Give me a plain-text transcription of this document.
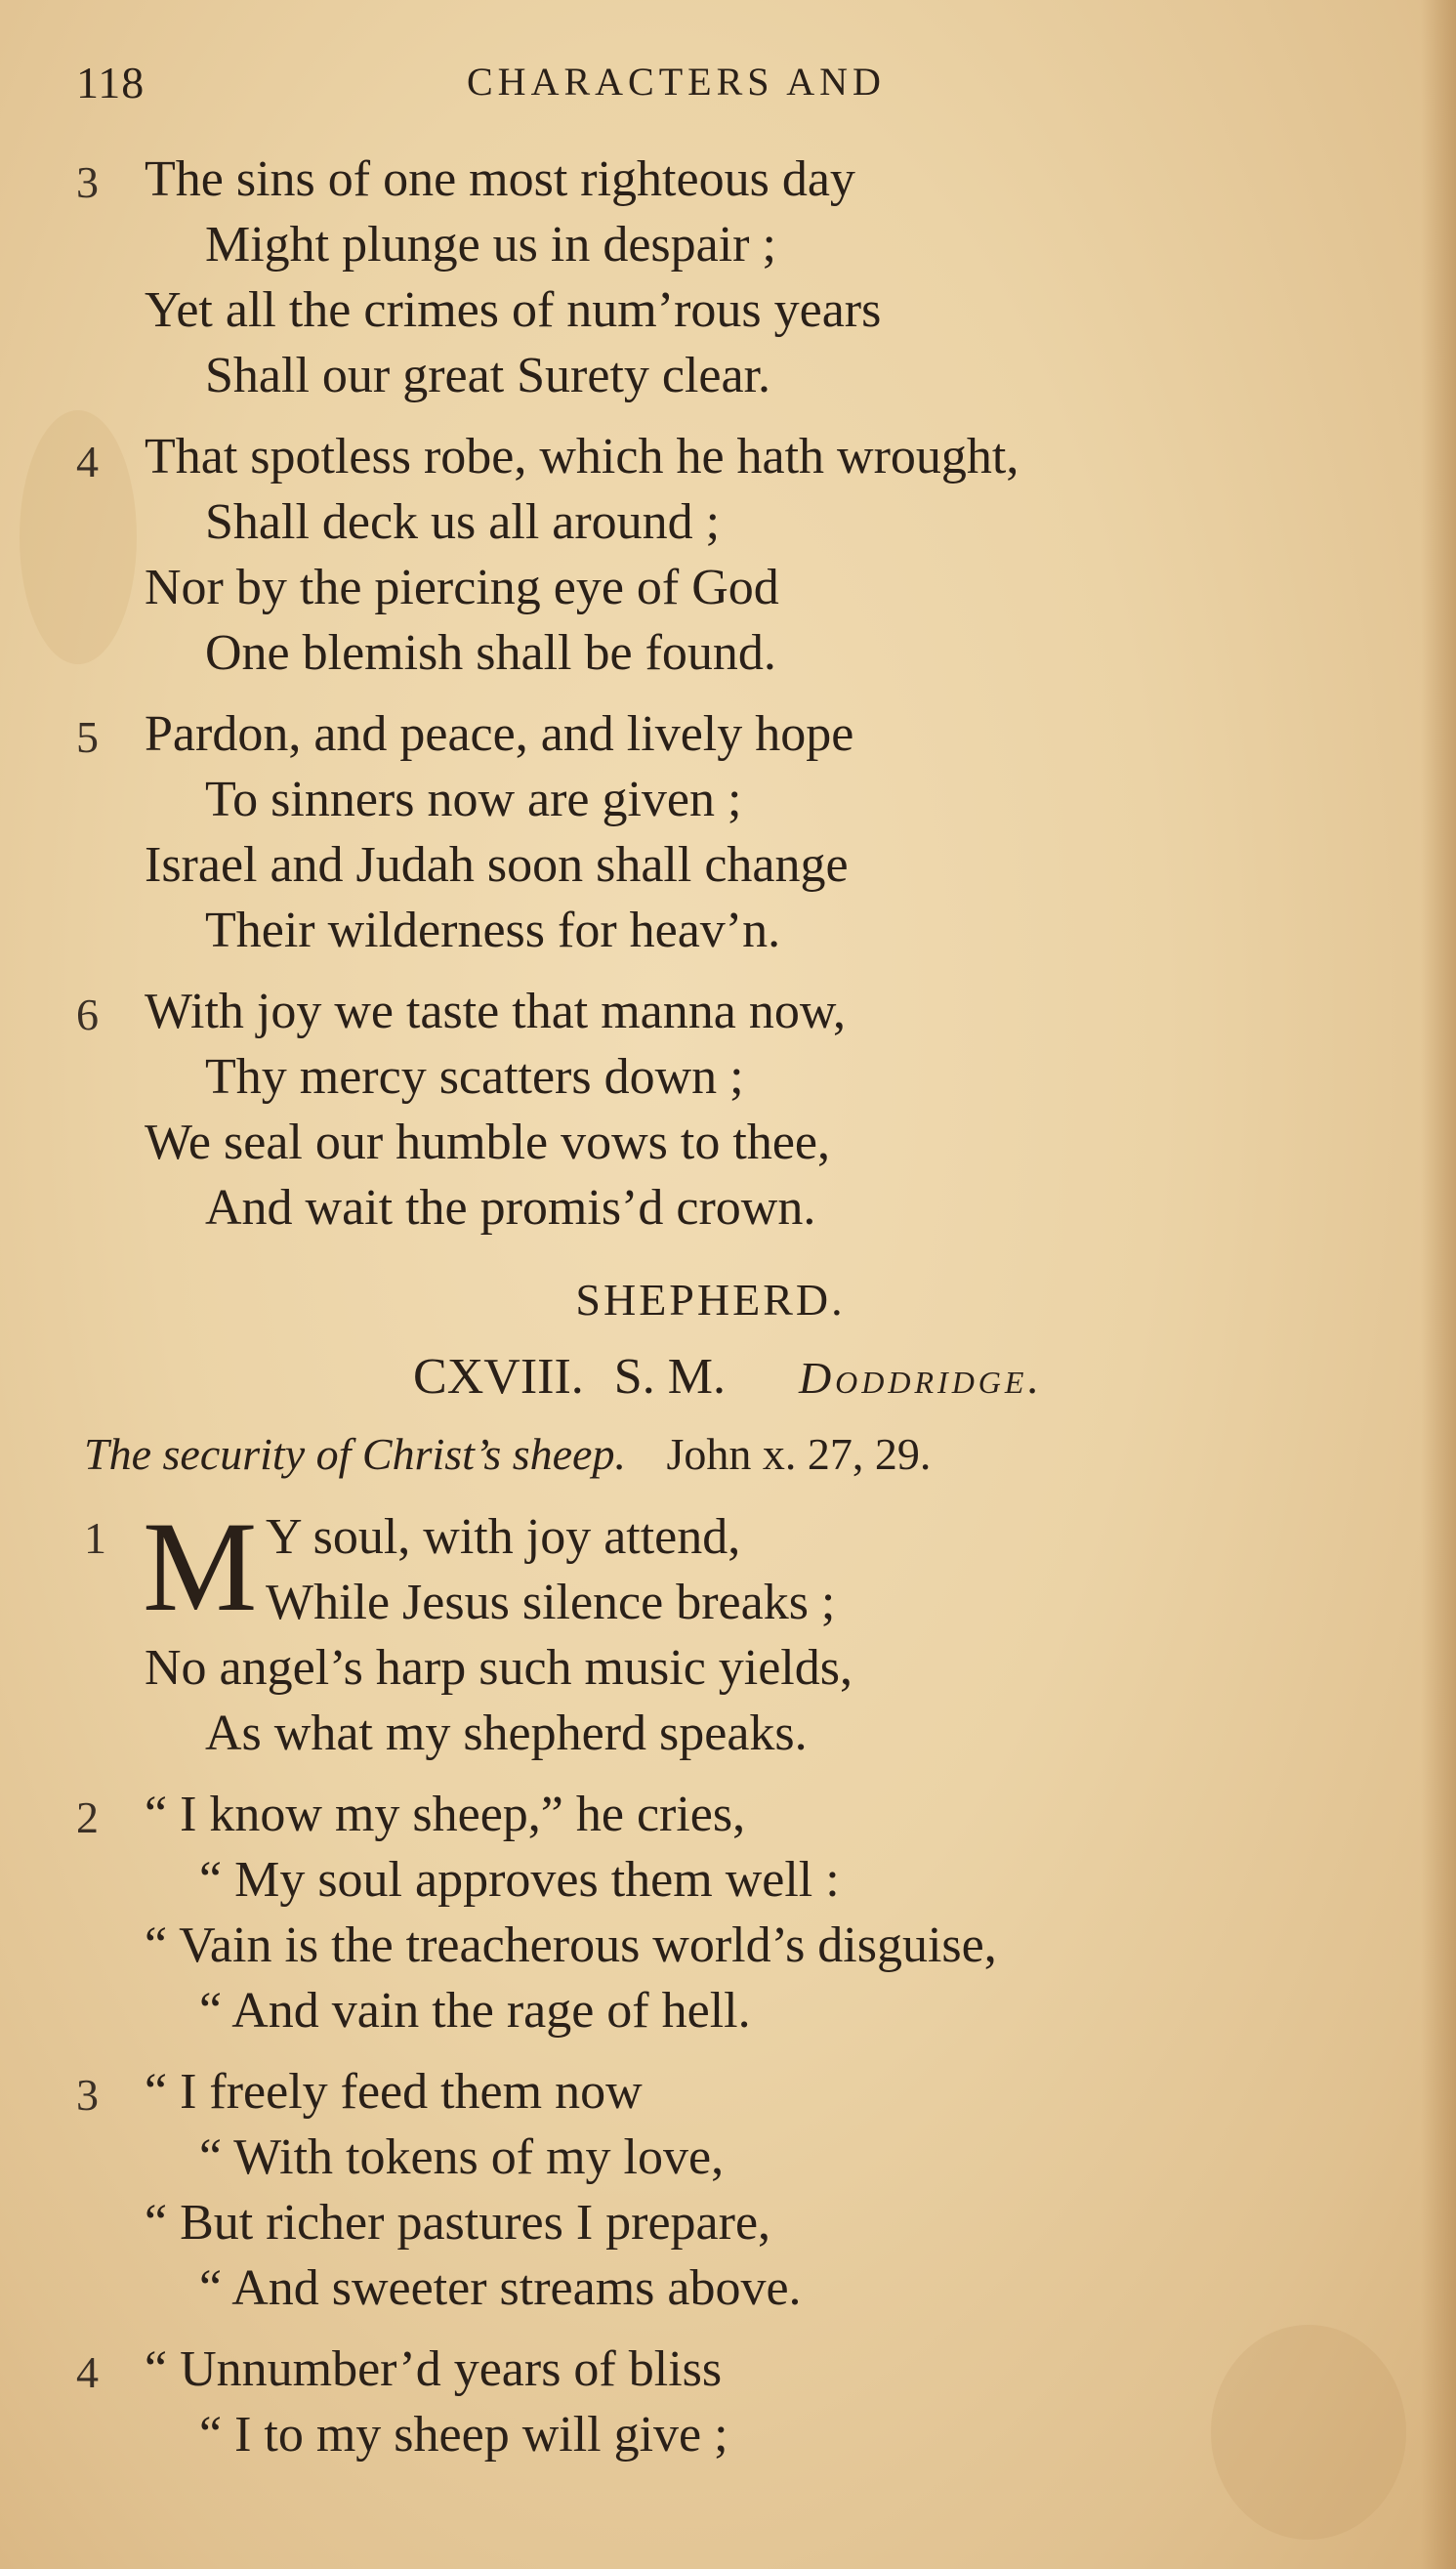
118	CHARACTERS AND
3 The sins of one most righteous day
Might plunge us in despair ;
Yet all the crimes of num’rous years
Shall our great Surety clear.
4 That spotless robe, which he hath wrought,
Shall deck us all around ;
Nor by the piercing eye of God
One blemish shall be found.
5 Pardon, and peace, and lively hope
To sinners now are given ;
Israel and Judah soon shall change
Their wilderness for heav’n.
6 With joy we taste that manna now,
Thy mercy scatters down ;
We seal our humble vows to thee,
And wait the promis’d crown.
SHEPHERD.
CXVIII. S. M. Doddridge.
The security of Christ’s sheep. John x. 27, 29.
1 M Y soul, with joy attend,
While Jesus silence breaks ;
No angel’s harp such music yields,
As what my shepherd speaks.
2 “ I know my sheep,” he cries,
“ My soul approves them well :
“ Vain is the treacherous world’s disguise,
“ And vain the rage of hell.
3 “ I freely feed them now
“ With tokens of my love,
“ But richer pastures I prepare,
“ And sweeter streams above.
4 “ Unnumber’d years of bliss
“ I to my sheep will give ;
